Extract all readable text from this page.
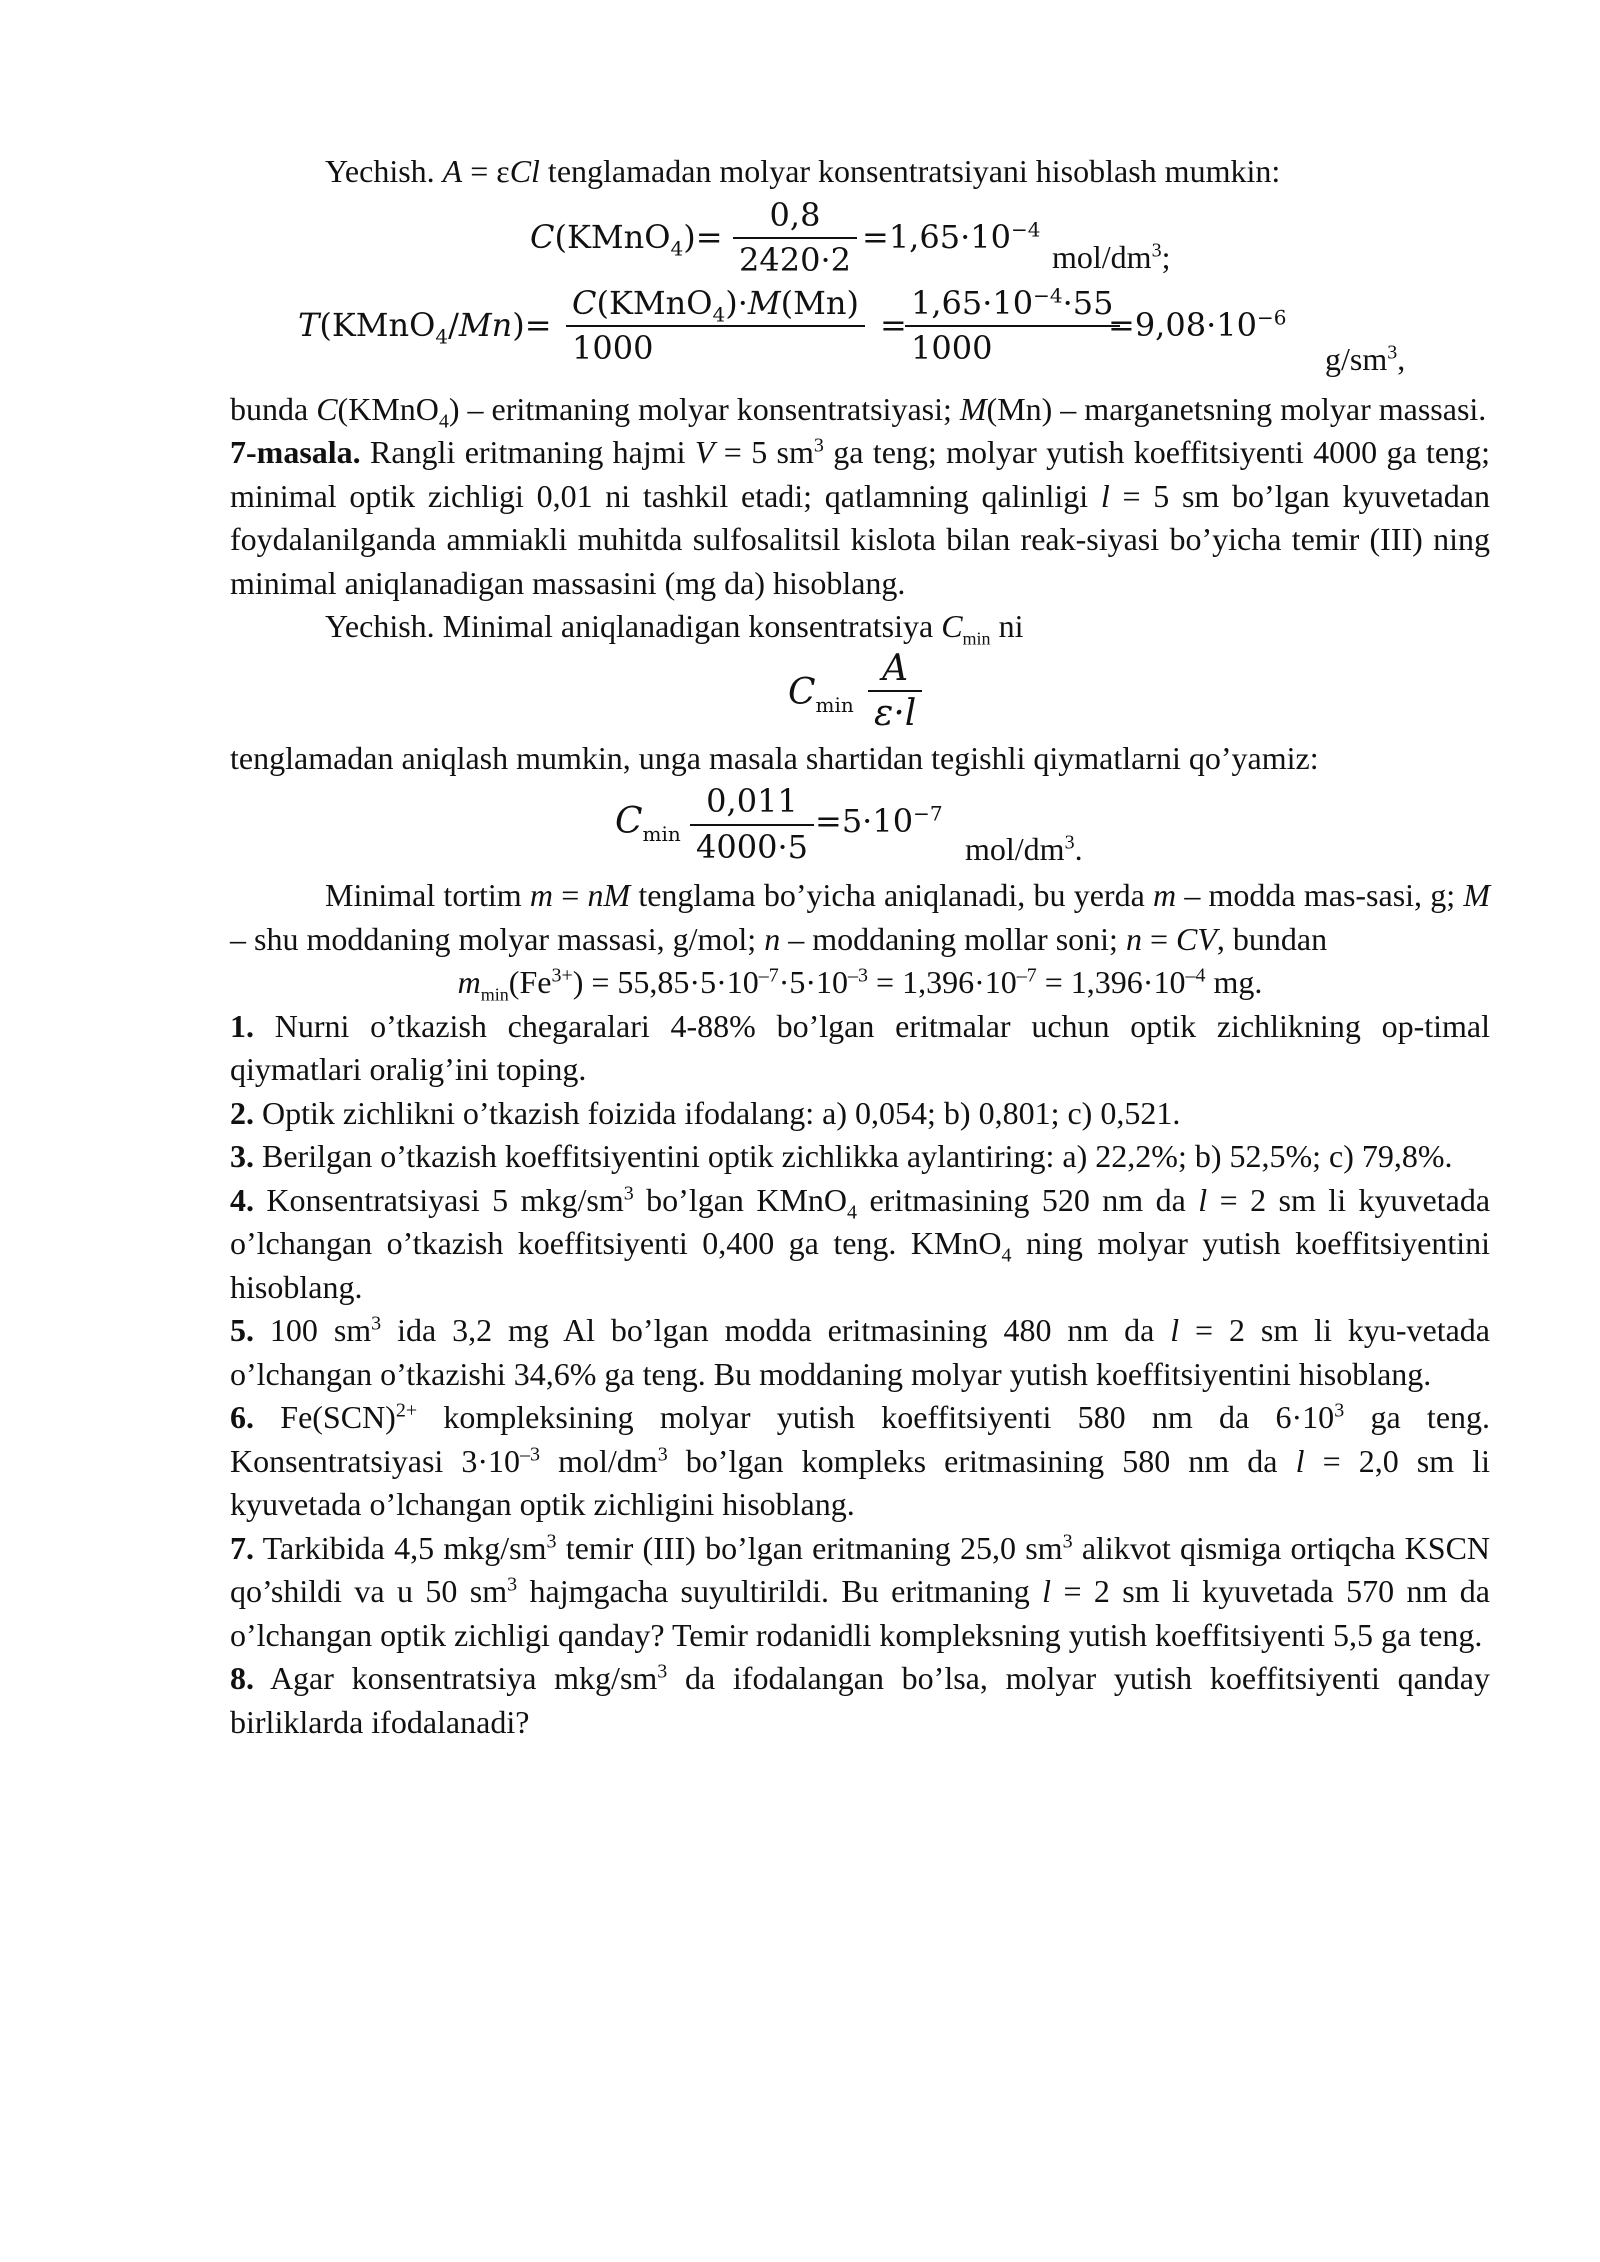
Yechish. A = εCl tenglamadan molyar konsentratsiyani hisoblash mumkin:

C(KMnO$_4$)= $\frac{0,8}{2420\cdot 2} =1,65\cdot 10^{-4}$
mol/$dm^3$;
T(KMnO$_4$/Mn)=
C(KMnO$_4$)·M(Mn)
1000
=
$\frac{1,65\cdot 10^{-4}\cdot 55}{1000}$
$=9,08\cdot 10^{-6}$
$g/sm^3$,

bunda C(KMnO$_4$) – eritmaning molyar konsentratsiyasi; M(Mn) – marganetsning molyar massasi.

7-masala. Rangli eritmaning hajmi V = 5 $sm^3$ ga teng; molyar yutish koeffitsiyenti 4000 ga teng; minimal optik zichligi 0,01 ni tashkil etadi; qatlamning qalinligi l = 5 sm bo’lgan kyuvetadan foydalanilganda ammiakli muhitda sulfosalitsil kislota bilan reak-siyasi bo’yicha temir (III) ning minimal aniqlanadigan massasini (mg da) hisoblang.

Yechish. Minimal aniqlanadigan konsentratsiya $C_{min}$ ni

$C_{min} \frac{A}{\varepsilon\cdot l}$

tenglamadan aniqlash mumkin, unga masala shartidan tegishli qiymatlarni qo’yamiz:

$C_{min} \frac{0,011}{4000\cdot 5} =5\cdot 10^{-7}$
mol/$dm^3$.

Minimal tortim m = nM tenglama bo’yicha aniqlanadi, bu yerda m – modda mas-sasi, g; M – shu moddaning molyar massasi, g/mol; n – moddaning mollar soni; n = CV, bundan

$m_{min}(Fe^{3+}) = 55,85\cdot 5\cdot 10^{-7}\cdot 5\cdot 10^{-3} = 1,396\cdot 10^{-7} = 1,396\cdot 10^{-4}$ mg.

1. Nurni o’tkazish chegaralari 4-88% bo’lgan eritmalar uchun optik zichlikning op-timal qiymatlari oralig’ini toping.

2. Optik zichlikni o’tkazish foizida ifodalang: a) 0,054; b) 0,801; c) 0,521.

3. Berilgan o’tkazish koeffitsiyentini optik zichlikka aylantiring: a) 22,2%; b) 52,5%; c) 79,8%.

4. Konsentratsiyasi 5 mkg/$sm^3$ bo’lgan KMnO$_4$ eritmasining 520 nm da l = 2 sm li kyuvetada o’lchangan o’tkazish koeffitsiyenti 0,400 ga teng. KMnO$_4$ ning molyar yutish koeffitsiyentini hisoblang.

5. 100 $sm^3$ ida 3,2 mg Al bo’lgan modda eritmasining 480 nm da l = 2 sm li kyu-vetada o’lchangan o’tkazishi 34,6% ga teng. Bu moddaning molyar yutish koeffitsiyentini hisoblang.

6. Fe(SCN)$^{2+}$ kompleksining molyar yutish koeffitsiyenti 580 nm da $6\cdot 10^3$ ga teng. Konsentratsiyasi $3\cdot 10^{-3}$ mol/$dm^3$ bo’lgan kompleks eritmasining 580 nm da l = 2,0 sm li kyuvetada o’lchangan optik zichligini hisoblang.

7. Tarkibida 4,5 mkg/$sm^3$ temir (III) bo’lgan eritmaning 25,0 $sm^3$ alikvot qismiga ortiqcha KSCN qo’shildi va u 50 $sm^3$ hajmgacha suyultirildi. Bu eritmaning l = 2 sm li kyuvetada 570 nm da o’lchangan optik zichligi qanday? Temir rodanidli kompleksning yutish koeffitsiyenti 5,5 ga teng.

8. Agar konsentratsiya mkg/$sm^3$ da ifodalangan bo’lsa, molyar yutish koeffitsiyenti qanday birliklarda ifodalanadi?
